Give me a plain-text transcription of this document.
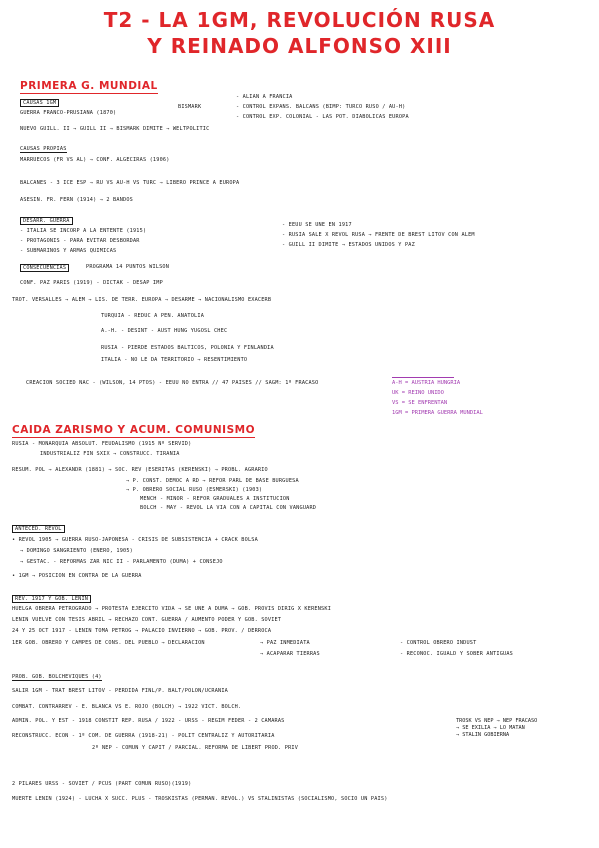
T2 - LA 1GM, REVOLUCIÓN RUSA
Y REINADO ALFONSO XIII
PRIMERA G. MUNDIAL
CAUSAS 1GM
GUERRA FRANCO-PRUSIANA (1870)
BISMARK
NUEVO GUILL. II → GUILL II → BISMARK DIMITE → WELTPOLITIC
- ALIAN A FRANCIA
- CONTROL EXPANS. BALCANS (BIMP: TURCO RUSO / AU-H)
- CONTROL EXP. COLONIAL - LAS POT. DIABOLICAS EUROPA
CAUSAS PROPIAS
MARRUECOS (FR VS AL) → CONF. ALGECIRAS (1906)
BALCANES - 3 ICE ESP → RU VS AU-H VS TURC → LIBERO PRINCE A EUROPA
ASESIN. FR. FERN (1914) → 2 BANDOS
DESARR. GUERRA
- ITALIA SE INCORP A LA ENTENTE (1915)
- PROTAGONIS - PARA EVITAR DESBORDAR
- SUBMARINOS Y ARMAS QUIMICAS
- EEUU SE UNE EN 1917
- RUSIA SALE X REVOL RUSA → FRENTE DE BREST LITOV CON ALEM
- GUILL II DIMITE → ESTADOS UNIDOS Y PAZ
CONSECUENCIAS	PROGRAMA 14 PUNTOS WILSON
CONF. PAZ PARIS (1919) - DICTAK - DESAP IMP
TROT. VERSALLES → ALEM → LIS. DE TERR. EUROPA → DESARME → NACIONALISMO EXACERB
TURQUIA - REDUC A PEN. ANATOLIA
A.-H. - DESINT - AUST HUNG YUGOSL CHEC
RUSIA - PIERDE ESTADOS BALTICOS, POLONIA Y FINLANDIA
ITALIA - NO LE DA TERRITORIO → RESENTIMIENTO
CREACION SOCIED NAC - (WILSON, 14 PTOS) - EEUU NO ENTRA // 47 PAISES // SAGM: 1º FRACASO	A-H = AUSTRIA HUNGRIA
UK = REINO UNIDO
VS = SE ENFRENTAN
1GM = PRIMERA GUERRA MUNDIAL
CAIDA ZARISMO Y ACUM. COMUNISMO
RUSIA - MONARQUIA ABSOLUT. FEUDALISMO (1915 Nº SERVID)
INDUSTRIALIZ FIN SXIX → CONSTRUCC. TIRANIA
RESUM. POL → ALEXANDR (1881) → SOC. REV (ESERITAS (KERENSKI) → PROBL. AGRARIO
→ P. CONST. DEMOC A RD → REFOR PARL DE BASE BURGUESA
→ P. OBRERO SOCIAL RUSO (ESMERSKI) (1903)
MENCH - MINOR - REFOR GRADUALES A INSTITUCION
BOLCH - MAY - REVOL LA VIA CON A CAPITAL CON VANGUARD
ANTECED. REVOL
• REVOL 1905 → GUERRA RUSO-JAPONESA - CRISIS DE SUBSISTENCIA + CRACK BOLSA
→ DOMINGO SANGRIENTO (ENERO, 1905)
→ GESTAC. - REFORMAS ZAR NIC II - PARLAMENTO (DUMA) + CONSEJO
• 1GM → POSICION EN CONTRA DE LA GUERRA
REV. 1917 Y GOB. LENIN
HUELGA OBRERA PETROGRADO → PROTESTA EJERCITO VIDA → SE UNE A DUMA → GOB. PROVIS DIRIG X KERENSKI
LENIN VUELVE CON TESIS ABRIL → RECHAZO CONT. GUERRA / AUMENTO PODER Y GOB. SOVIET
24 Y 25 OCT 1917 - LENIN TOMA PETROG → PALACIO INVIERNO → GOB. PROV. / DERROCA
1ER GOB. OBRERO Y CAMPES DE CONS. DEL PUEBLO → DECLARACION	→ PAZ INMEDIATA
→ ACAPARAR TIERRAS
- CONTROL OBRERO INDUST
- RECONOC. IGUALD Y SOBER ANTIGUAS
PROB. GOB. BOLCHEVIQUES (4)
SALIR 1GM - TRAT BREST LITOV - PERDIDA FINL/P. BALT/POLON/UCRANIA
COMBAT. CONTRARREV - E. BLANCA VS E. ROJO (BOLCH) → 1922 VICT. BOLCH.
ADMIN. POL. Y EST - 1918 CONSTIT REP. RUSA / 1922 - URSS - REGIM FEDER - 2 CAMARAS
RECONSTRUCC. ECON - 1º COM. DE GUERRA (1918-21) - POLIT CENTRALIZ Y AUTORITARIA
2º NEP - COMUN Y CAPIT / PARCIAL. REFORMA DE LIBERT PROD. PRIV
2 PILARES URSS - SOVIET / PCUS (PART COMUN RUSO)(1919)
MUERTE LENIN (1924) - LUCHA X SUCC. PLUS - TROSKISTAS (PERMAN. REVOL.) VS STALINISTAS (SOCIALISMO, SOCIO UN PAIS)
TROSK VS NEP → NEP FRACASO
→ SE EXILIA → LO MATAN
→ STALIN GOBIERNA
